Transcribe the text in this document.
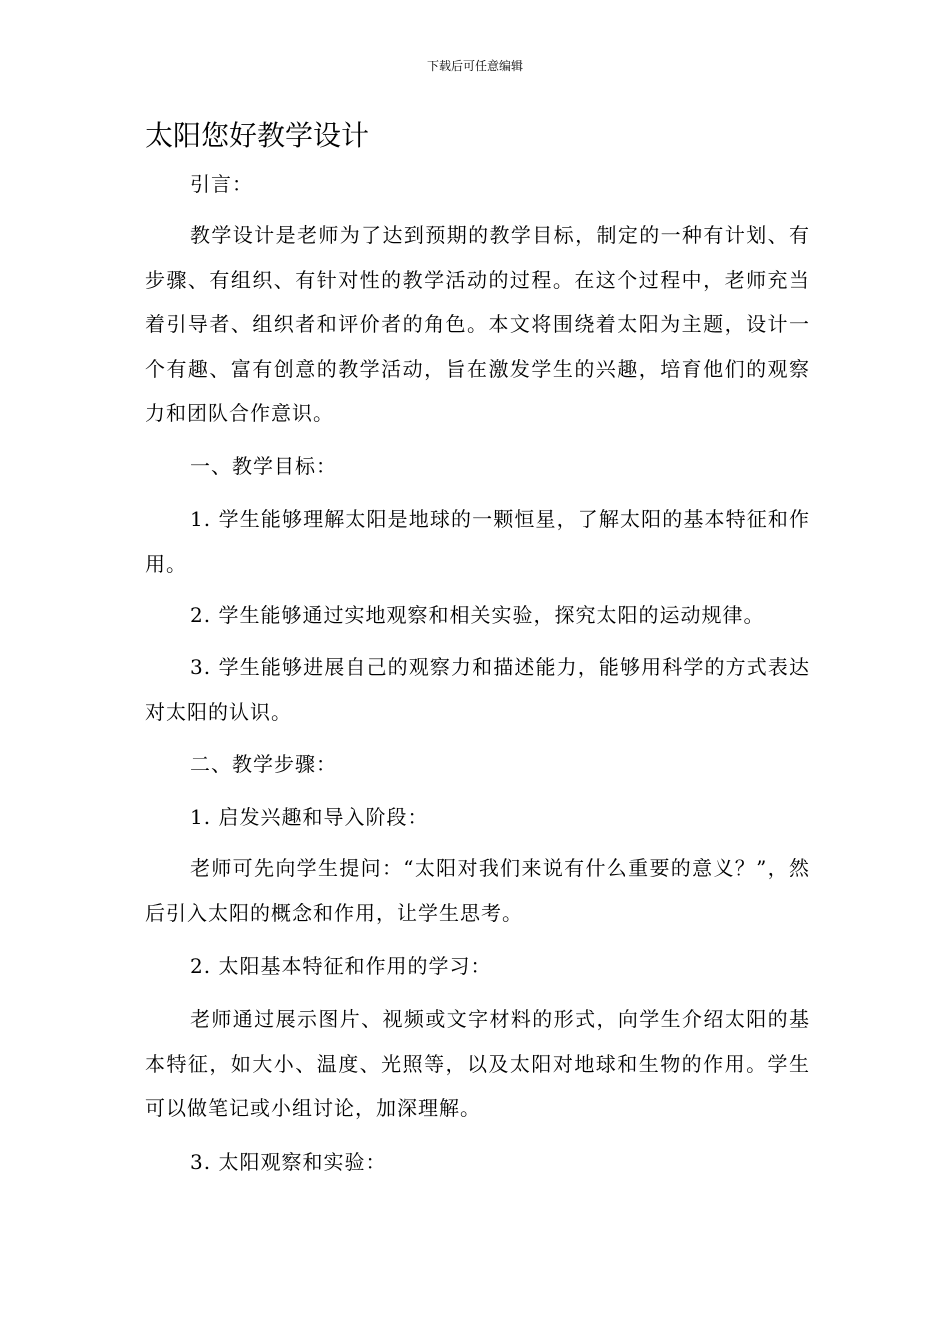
下载后可任意编辑
太阳您好教学设计

引言：

教学设计是老师为了达到预期的教学目标，制定的一种有计划、有步骤、有组织、有针对性的教学活动的过程。在这个过程中，老师充当着引导者、组织者和评价者的角色。本文将围绕着太阳为主题，设计一个有趣、富有创意的教学活动，旨在激发学生的兴趣，培育他们的观察力和团队合作意识。

一、教学目标：

1. 学生能够理解太阳是地球的一颗恒星，了解太阳的基本特征和作用。

2. 学生能够通过实地观察和相关实验，探究太阳的运动规律。

3. 学生能够进展自己的观察力和描述能力，能够用科学的方式表达对太阳的认识。

二、教学步骤：

1. 启发兴趣和导入阶段：

老师可先向学生提问：“太阳对我们来说有什么重要的意义？”，然后引入太阳的概念和作用，让学生思考。

2. 太阳基本特征和作用的学习：

老师通过展示图片、视频或文字材料的形式，向学生介绍太阳的基本特征，如大小、温度、光照等，以及太阳对地球和生物的作用。学生可以做笔记或小组讨论，加深理解。

3. 太阳观察和实验：
